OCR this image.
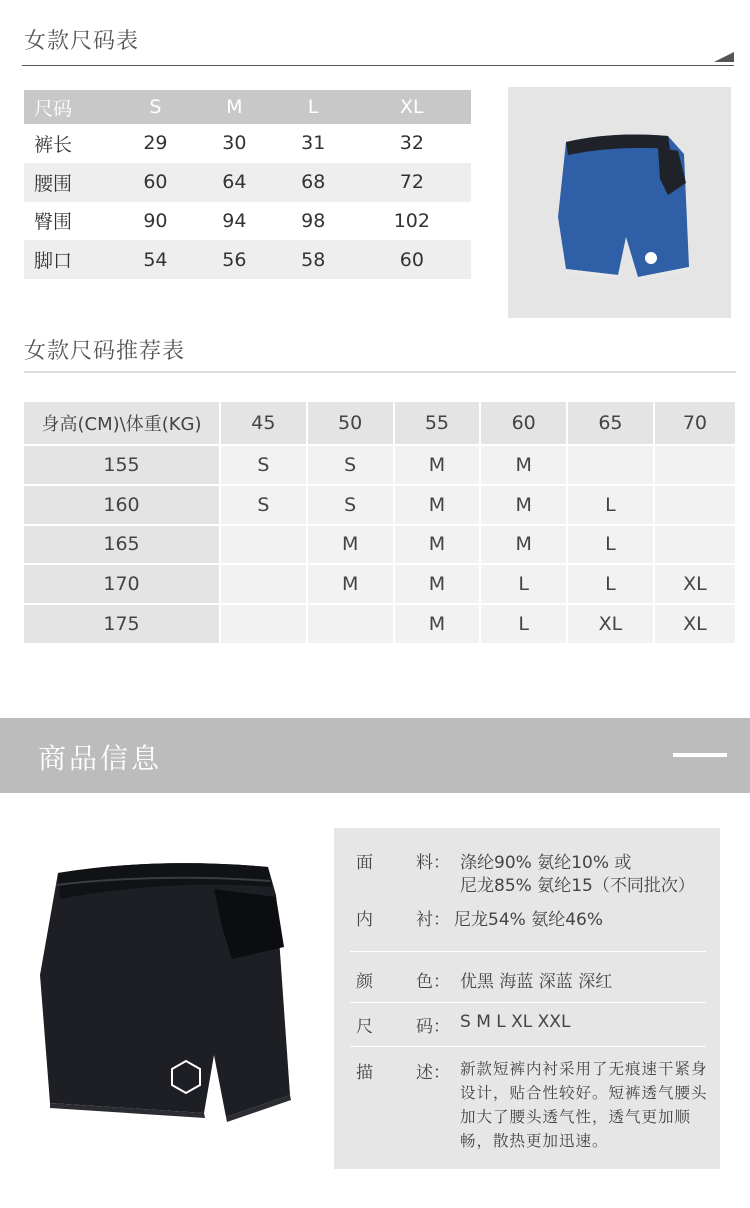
女款尺码表
尺码	S	M	L	XL
裤长	29	30	31	32
腰围	60	64	68	72
臀围	90	94	98	102
脚口	54	56	58	60
女款尺码推荐表
身高(CM)\体重(KG)	45	50	55	60	65	70
155	S	S	M	M		
160	S	S	M	M	L	
165		M	M	M	L	
170		M	M	L	L	XL
175			M	L	XL	XL
商品信息
面	料： 涤纶90% 氨纶10% 或
尼龙85% 氨纶15（不同批次）
内	衬： 尼龙54% 氨纶46%
颜	色： 优黑 海蓝 深蓝 深红
尺	码： S M L XL XXL
描	述： 新款短裤内衬采用了无痕速干紧身设计，贴合性较好。短裤透气腰头加大了腰头透气性，透气更加顺畅，散热更加迅速。
